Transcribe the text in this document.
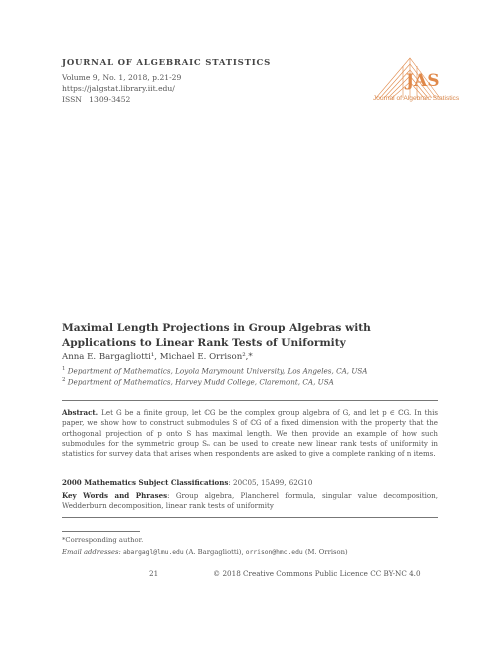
JOURNAL OF ALGEBRAIC STATISTICS
Volume 9, No. 1, 2018, p.21-29
https://jalgstat.library.iit.edu/
ISSN 1309-3452
JAS
Journal of Algebraic Statistics
Maximal Length Projections in Group Algebras with Applications to Linear Rank Tests of Uniformity
Anna E. Bargagliotti¹, Michael E. Orrison²,*
$^1$ Department of Mathematics, Loyola Marymount University, Los Angeles, CA, USA
$^2$ Department of Mathematics, Harvey Mudd College, Claremont, CA, USA
Abstract. Let G be a finite group, let ℂG be the complex group algebra of G, and let p ∈ ℂG. In this paper, we show how to construct submodules S of ℂG of a fixed dimension with the property that the orthogonal projection of p onto S has maximal length. We then provide an example of how such submodules for the symmetric group Sₙ can be used to create new linear rank tests of uniformity in statistics for survey data that arises when respondents are asked to give a complete ranking of n items.
2000 Mathematics Subject Classifications: 20C05, 15A99, 62G10
Key Words and Phrases: Group algebra, Plancherel formula, singular value decomposition, Wedderburn decomposition, linear rank tests of uniformity
*Corresponding author.
Email addresses: abargagl@lmu.edu (A. Bargagliotti), orrison@hmc.edu (M. Orrison)
21	© 2018 Creative Commons Public Licence CC BY-NC 4.0
